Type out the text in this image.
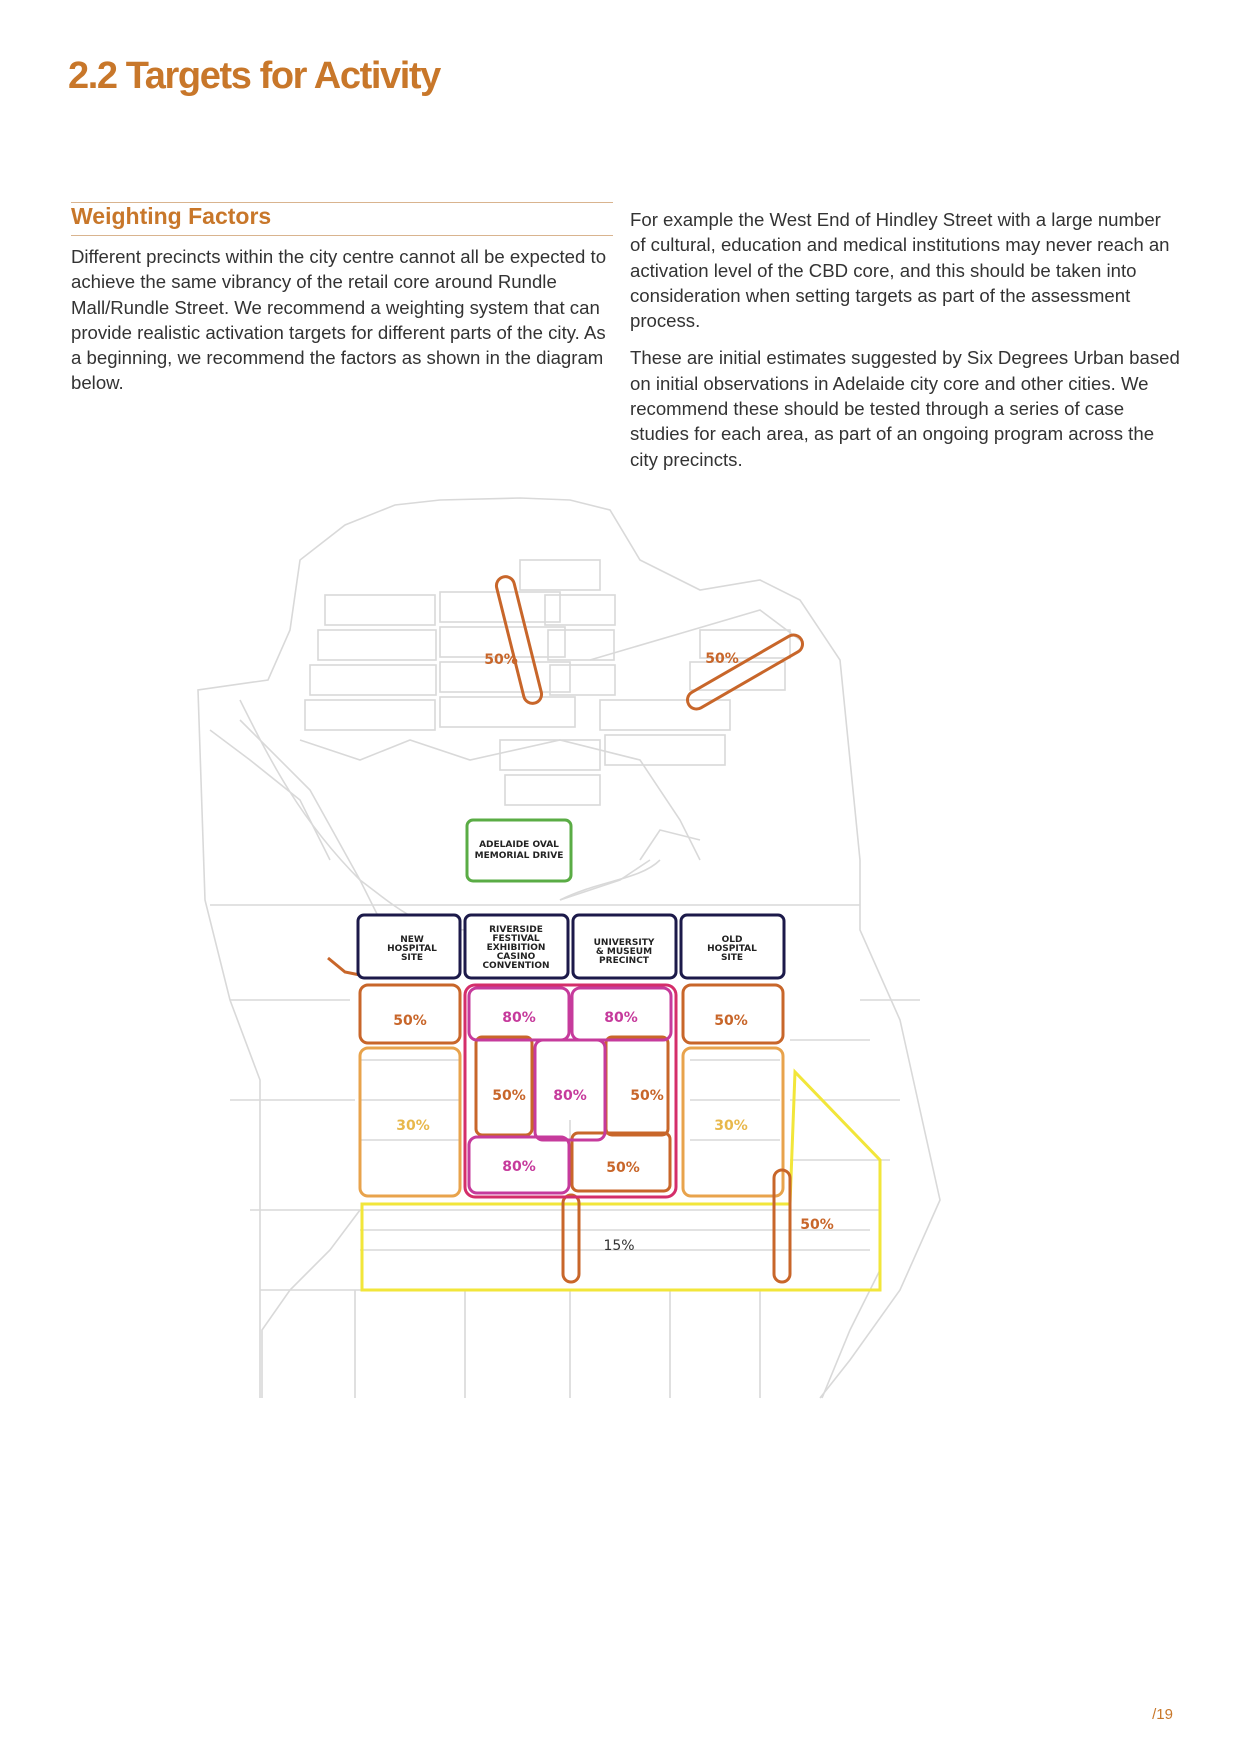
2.2 Targets for Activity
Weighting Factors

Different precincts within the city centre cannot all be expected to achieve the same vibrancy of the retail core around Rundle Mall/Rundle Street. We recommend a weighting system that can provide realistic activation targets for different parts of the city. As a beginning, we recommend the factors as shown in the diagram below.

For example the West End of Hindley Street with a large number of cultural, education and medical institutions may never reach an activation level of the CBD core, and this should be taken into consideration when setting targets as part of the assessment process.

These are initial estimates suggested by Six Degrees Urban based on initial observations in Adelaide city core and other cities. We recommend these should be tested through a series of case studies for each area, as part of an ongoing program across the city precincts.

ADELAIDE OVAL
MEMORIAL DRIVE
NEW
HOSPITAL
SITE
RIVERSIDE
FESTIVAL
EXHIBITION
CASINO
CONVENTION
UNIVERSITY
& MUSEUM
PRECINCT
OLD
HOSPITAL
SITE
50%	50%
50%	80%	80%	50%
30%	30%
50% 80%	50%
80%	50%
15%
50%

/19
